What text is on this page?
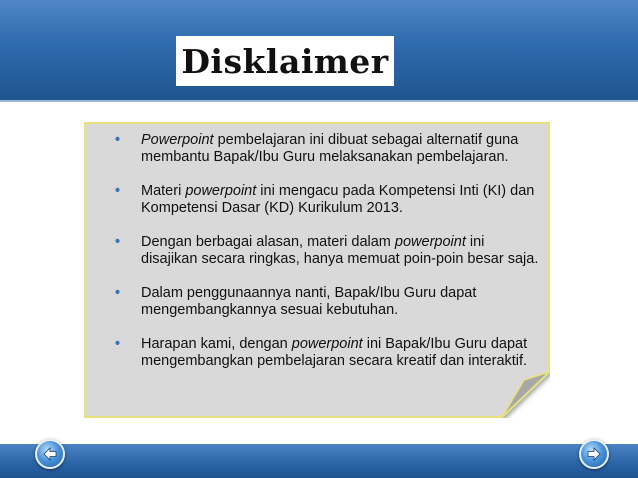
Disklaimer
• Powerpoint pembelajaran ini dibuat sebagai alternatif guna membantu Bapak/Ibu Guru melaksanakan pembelajaran.
• Materi powerpoint ini mengacu pada Kompetensi Inti (KI) dan Kompetensi Dasar (KD) Kurikulum 2013.
• Dengan berbagai alasan, materi dalam powerpoint ini disajikan secara ringkas, hanya memuat poin-poin besar saja.
• Dalam penggunaannya nanti, Bapak/Ibu Guru dapat mengembangkannya sesuai kebutuhan.
• Harapan kami, dengan powerpoint ini Bapak/Ibu Guru dapat mengembangkan pembelajaran secara kreatif dan interaktif.
